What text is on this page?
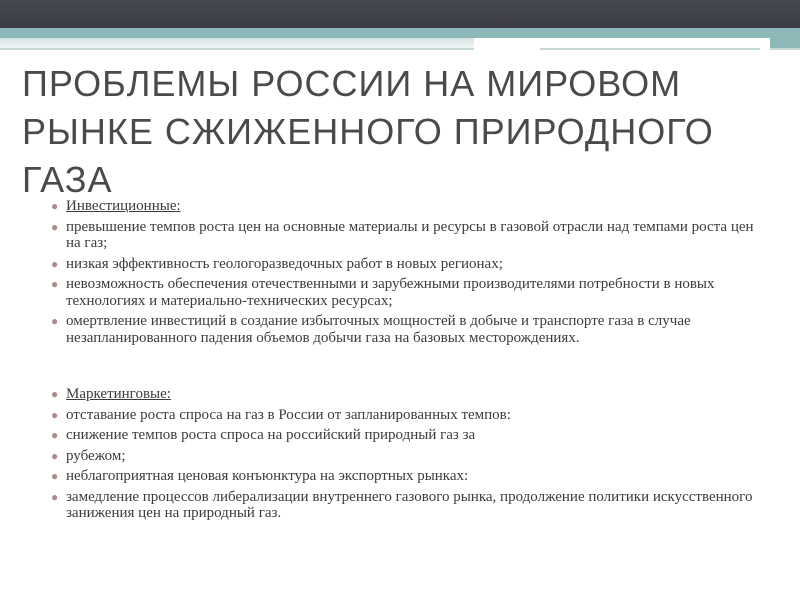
ПРОБЛЕМЫ РОССИИ НА МИРОВОМ РЫНКЕ СЖИЖЕННОГО ПРИРОДНОГО ГАЗА
● Инвестиционные:
● превышение темпов роста цен на основные материалы и ресурсы в газовой отрасли над темпами роста цен на газ;
● низкая эффективность геологоразведочных работ в новых регионах;
● невозможность обеспечения отечественными и зарубежными производителями потребности в новых технологиях и материально-технических ресурсах;
● омертвление инвестиций в создание избыточных мощностей в добыче и транспорте газа в случае незапланированного падения объемов добычи газа на базовых месторождениях.
● Маркетинговые:
● отставание роста спроса на газ в России от запланированных темпов:
● снижение темпов роста спроса на российский природный газ за
● рубежом;
● неблагоприятная ценовая конъюнктура на экспортных рынках:
● замедление процессов либерализации внутреннего газового рынка, продолжение политики искусственного занижения цен на природный газ.
